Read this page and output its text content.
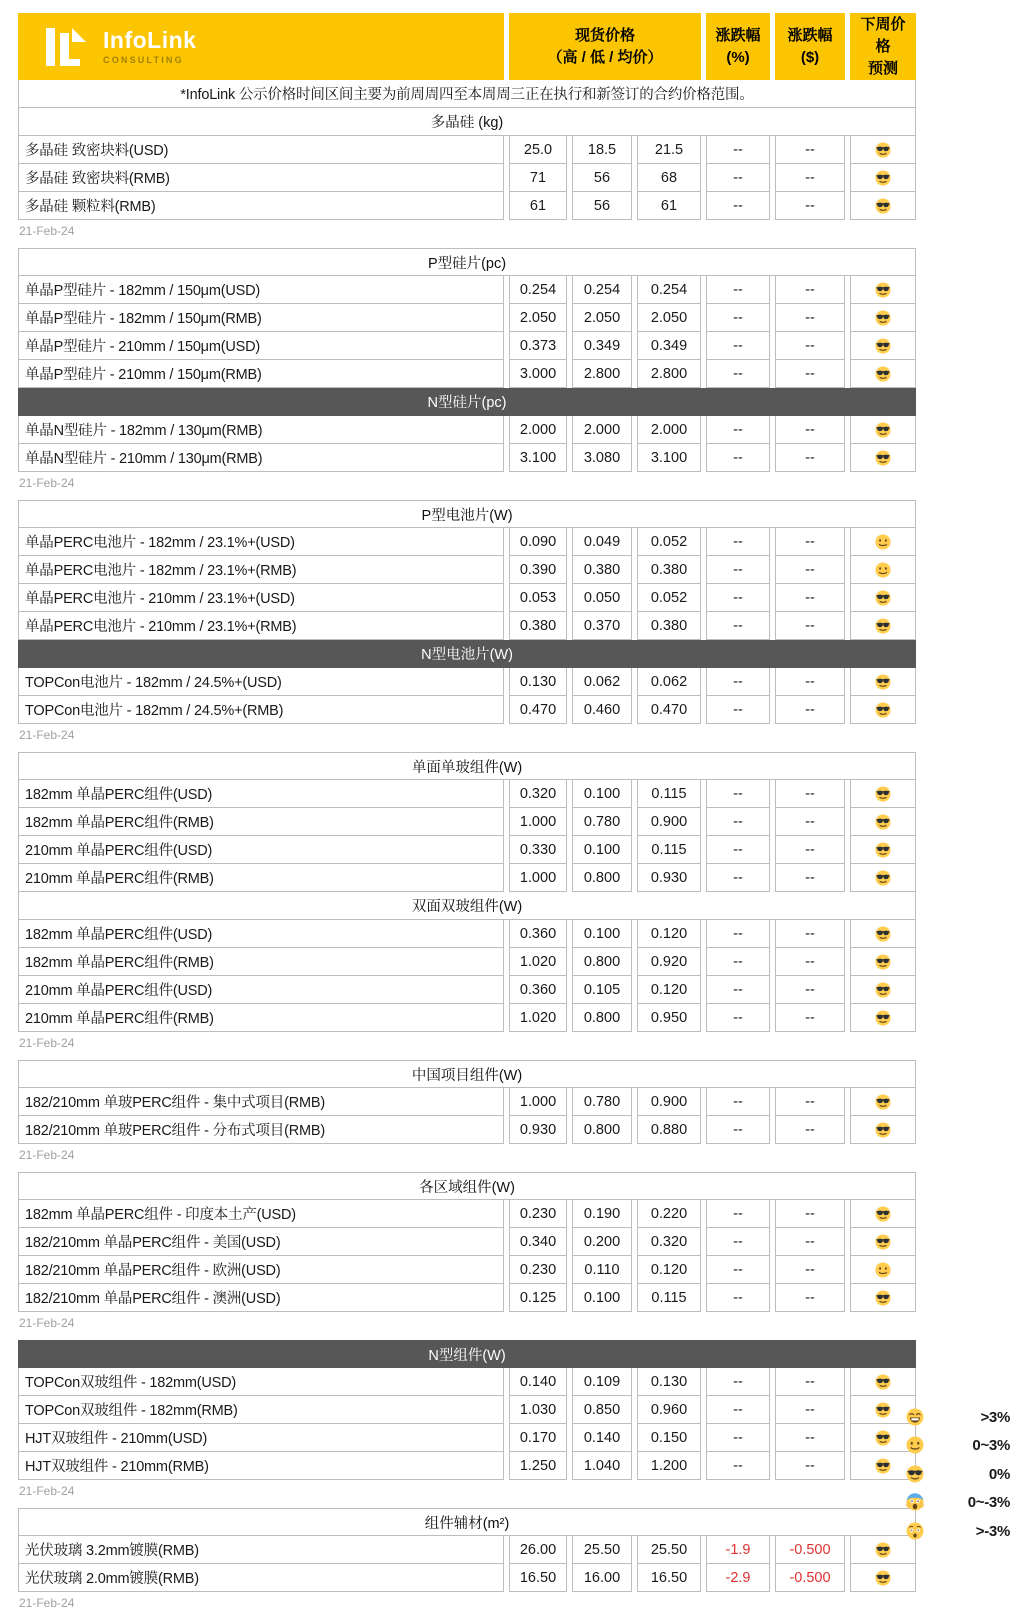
InfoLink
CONSULTING

现货价格
（高 / 低 / 均价）

涨跌幅
(%)

涨跌幅
($)

下周价格
预测

*InfoLink 公示价格时间区间主要为前周周四至本周周三正在执行和新签订的合约价格范围。						
多晶硅 (kg)						
多晶硅 致密块料(USD)	25.0	18.5	21.5	--	--	
多晶硅 致密块料(RMB)	71	56	68	--	--	
多晶硅 颗粒料(RMB)	61	56	61	--	--	
21-Feb-24
P型硅片(pc)						
单晶P型硅片 - 182mm / 150μm(USD)	0.254	0.254	0.254	--	--	
单晶P型硅片 - 182mm / 150μm(RMB)	2.050	2.050	2.050	--	--	
单晶P型硅片 - 210mm / 150μm(USD)	0.373	0.349	0.349	--	--	
单晶P型硅片 - 210mm / 150μm(RMB)	3.000	2.800	2.800	--	--	
N型硅片(pc)						
单晶N型硅片 - 182mm / 130μm(RMB)	2.000	2.000	2.000	--	--	
单晶N型硅片 - 210mm / 130μm(RMB)	3.100	3.080	3.100	--	--	
21-Feb-24
P型电池片(W)						
单晶PERC电池片 - 182mm / 23.1%+(USD)	0.090	0.049	0.052	--	--	
单晶PERC电池片 - 182mm / 23.1%+(RMB)	0.390	0.380	0.380	--	--	
单晶PERC电池片 - 210mm / 23.1%+(USD)	0.053	0.050	0.052	--	--	
单晶PERC电池片 - 210mm / 23.1%+(RMB)	0.380	0.370	0.380	--	--	
N型电池片(W)						
TOPCon电池片 - 182mm / 24.5%+(USD)	0.130	0.062	0.062	--	--	
TOPCon电池片 - 182mm / 24.5%+(RMB)	0.470	0.460	0.470	--	--	
21-Feb-24
单面单玻组件(W)						
182mm 单晶PERC组件(USD)	0.320	0.100	0.115	--	--	
182mm 单晶PERC组件(RMB)	1.000	0.780	0.900	--	--	
210mm 单晶PERC组件(USD)	0.330	0.100	0.115	--	--	
210mm 单晶PERC组件(RMB)	1.000	0.800	0.930	--	--	
双面双玻组件(W)						
182mm 单晶PERC组件(USD)	0.360	0.100	0.120	--	--	
182mm 单晶PERC组件(RMB)	1.020	0.800	0.920	--	--	
210mm 单晶PERC组件(USD)	0.360	0.105	0.120	--	--	
210mm 单晶PERC组件(RMB)	1.020	0.800	0.950	--	--	
21-Feb-24
中国项目组件(W)						
182/210mm 单玻PERC组件 - 集中式项目(RMB)	1.000	0.780	0.900	--	--	
182/210mm 单玻PERC组件 - 分布式项目(RMB)	0.930	0.800	0.880	--	--	
21-Feb-24
各区域组件(W)						
182mm 单晶PERC组件 - 印度本土产(USD)	0.230	0.190	0.220	--	--	
182/210mm 单晶PERC组件 - 美国(USD)	0.340	0.200	0.320	--	--	
182/210mm 单晶PERC组件 - 欧洲(USD)	0.230	0.110	0.120	--	--	
182/210mm 单晶PERC组件 - 澳洲(USD)	0.125	0.100	0.115	--	--	
21-Feb-24
N型组件(W)						
TOPCon双玻组件 - 182mm(USD)	0.140	0.109	0.130	--	--	
TOPCon双玻组件 - 182mm(RMB)	1.030	0.850	0.960	--	--	
HJT双玻组件 - 210mm(USD)	0.170	0.140	0.150	--	--	
HJT双玻组件 - 210mm(RMB)	1.250	1.040	1.200	--	--	
21-Feb-24
组件辅材(m²)						
光伏玻璃 3.2mm镀膜(RMB)	26.00	25.50	25.50	-1.9	-0.500	
光伏玻璃 2.0mm镀膜(RMB)	16.50	16.00	16.50	-2.9	-0.500	
21-Feb-24
>3%
0~3%
0%
0~-3%
>-3%
